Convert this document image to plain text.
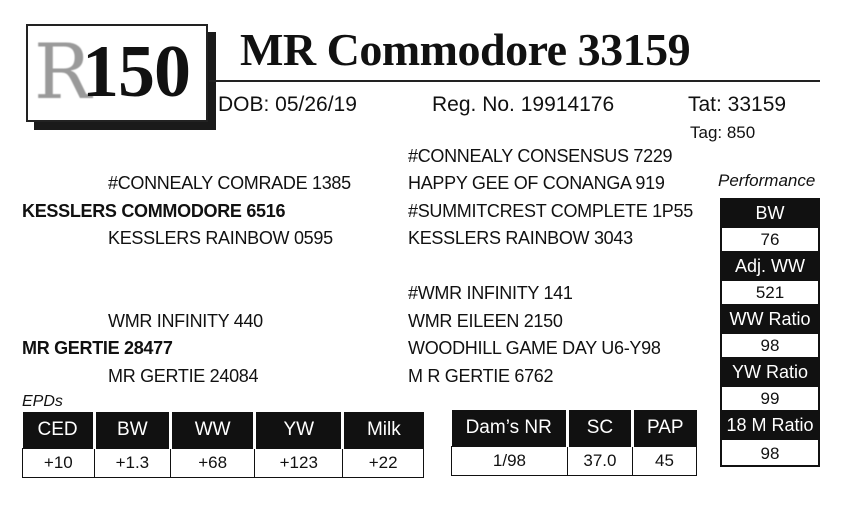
R
150 MR Commodore 33159
DOB: 05/26/19	Reg. No. 19914176	Tat: 33159
Tag: 850
#CONNEALY CONSENSUS 7229
#CONNEALY COMRADE 1385	HAPPY GEE OF CONANGA 919
KESSLERS COMMODORE 6516	#SUMMITCREST COMPLETE 1P55
KESSLERS RAINBOW 0595	KESSLERS RAINBOW 3043
#WMR INFINITY 141
WMR INFINITY 440	WMR EILEEN 2150
MR GERTIE 28477	WOODHILL GAME DAY U6-Y98
MR GERTIE 24084	M R GERTIE 6762
Performance
BW
76
Adj. WW
521
WW Ratio
98
YW Ratio
99
18 M Ratio
98
EPDs
CED	BW	WW	YW	Milk
+10	+1.3	+68	+123	+22
Dam’s NR	SC	PAP
1/98	37.0	45
